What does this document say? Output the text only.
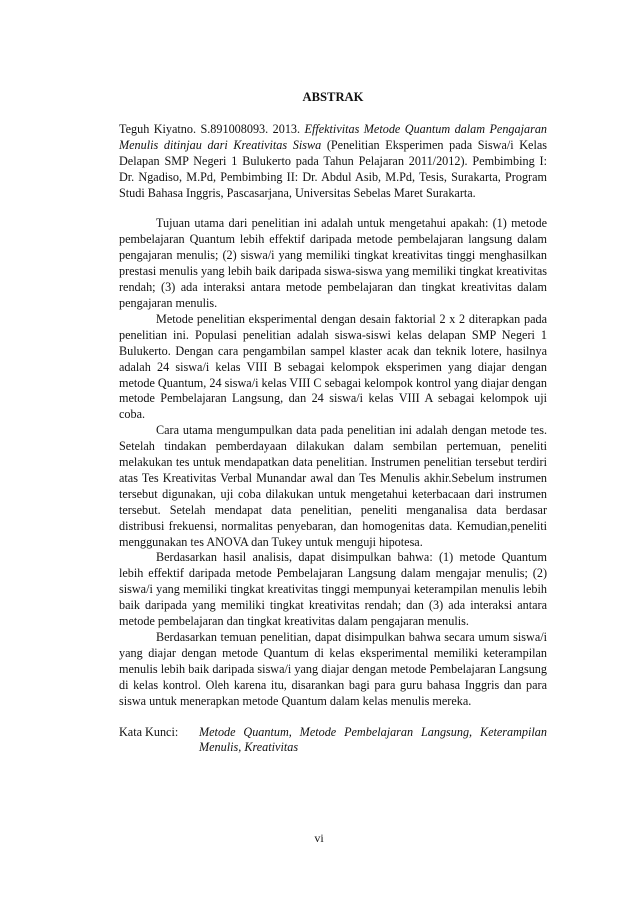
ABSTRAK

Teguh Kiyatno. S.891008093. 2013. Effektivitas Metode Quantum dalam Pengajaran Menulis ditinjau dari Kreativitas Siswa (Penelitian Eksperimen pada Siswa/i Kelas Delapan SMP Negeri 1 Bulukerto pada Tahun Pelajaran 2011/2012). Pembimbing I: Dr. Ngadiso, M.Pd, Pembimbing II: Dr. Abdul Asib, M.Pd, Tesis, Surakarta, Program Studi Bahasa Inggris, Pascasarjana, Universitas Sebelas Maret Surakarta.

Tujuan utama dari penelitian ini adalah untuk mengetahui apakah: (1) metode pembelajaran Quantum lebih effektif daripada metode pembelajaran langsung dalam pengajaran menulis; (2) siswa/i yang memiliki tingkat kreativitas tinggi menghasilkan prestasi menulis yang lebih baik daripada siswa-siswa yang memiliki tingkat kreativitas rendah; (3) ada interaksi antara metode pembelajaran dan tingkat kreativitas dalam pengajaran menulis.

Metode penelitian eksperimental dengan desain faktorial 2 x 2 diterapkan pada penelitian ini. Populasi penelitian adalah siswa-siswi kelas delapan SMP Negeri 1 Bulukerto. Dengan cara pengambilan sampel klaster acak dan teknik lotere, hasilnya adalah 24 siswa/i kelas VIII B sebagai kelompok eksperimen yang diajar dengan metode Quantum, 24 siswa/i kelas VIII C sebagai kelompok kontrol yang diajar dengan metode Pembelajaran Langsung, dan 24 siswa/i kelas VIII A sebagai kelompok uji coba.

Cara utama mengumpulkan data pada penelitian ini adalah dengan metode tes. Setelah tindakan pemberdayaan dilakukan dalam sembilan pertemuan, peneliti melakukan tes untuk mendapatkan data penelitian. Instrumen penelitian tersebut terdiri atas Tes Kreativitas Verbal Munandar awal dan Tes Menulis akhir.Sebelum instrumen tersebut digunakan, uji coba dilakukan untuk mengetahui keterbacaan dari instrumen tersebut. Setelah mendapat data penelitian, peneliti menganalisa data berdasar distribusi frekuensi, normalitas penyebaran, dan homogenitas data. Kemudian,peneliti menggunakan tes ANOVA dan Tukey untuk menguji hipotesa.

Berdasarkan hasil analisis, dapat disimpulkan bahwa: (1) metode Quantum lebih effektif daripada metode Pembelajaran Langsung dalam mengajar menulis; (2) siswa/i yang memiliki tingkat kreativitas tinggi mempunyai keterampilan menulis lebih baik daripada yang memiliki tingkat kreativitas rendah; dan (3) ada interaksi antara metode pembelajaran dan tingkat kreativitas dalam pengajaran menulis.

Berdasarkan temuan penelitian, dapat disimpulkan bahwa secara umum siswa/i yang diajar dengan metode Quantum di kelas eksperimental memiliki keterampilan menulis lebih baik daripada siswa/i yang diajar dengan metode Pembelajaran Langsung di kelas kontrol. Oleh karena itu, disarankan bagi para guru bahasa Inggris dan para siswa untuk menerapkan metode Quantum dalam kelas menulis mereka.

Kata Kunci:	Metode Quantum, Metode Pembelajaran Langsung, Keterampilan Menulis, Kreativitas
vi
